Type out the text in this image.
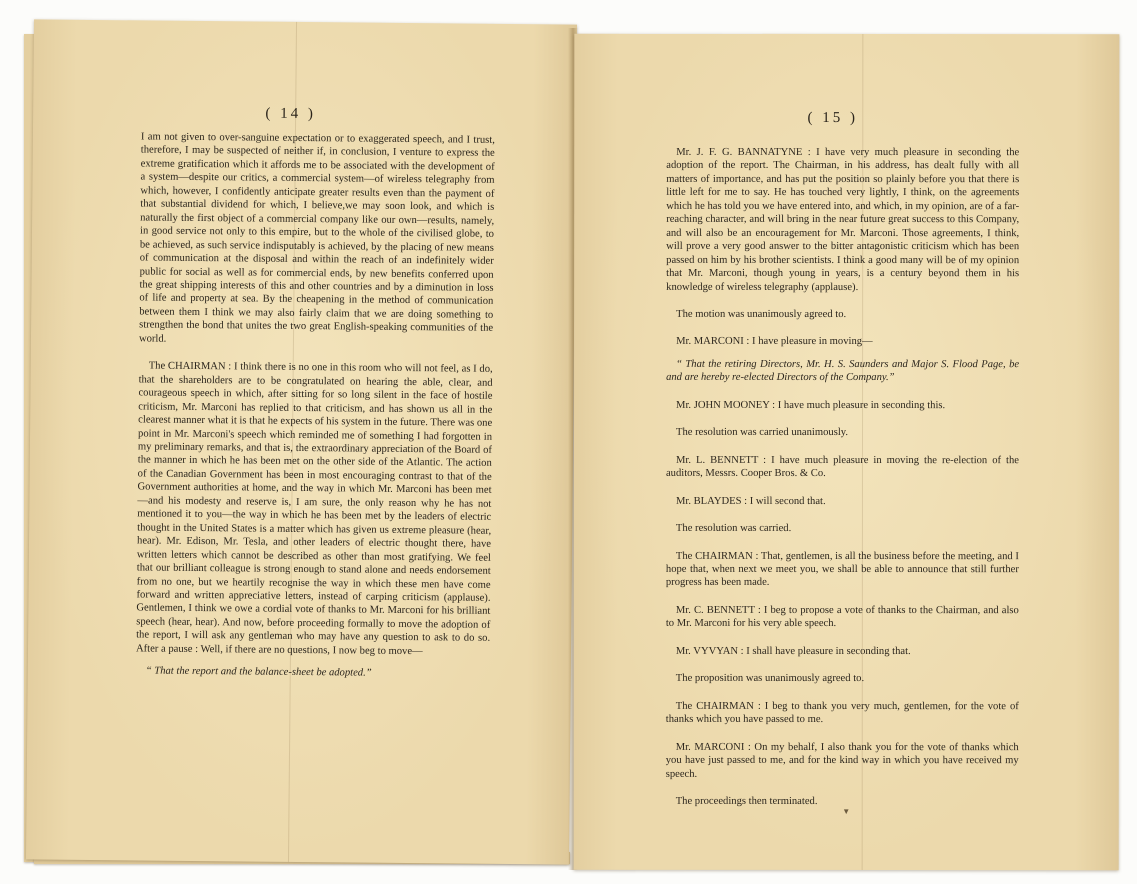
( 14 )

I am not given to over-sanguine expectation or to exaggerated speech, and I trust, therefore, I may be suspected of neither if, in conclusion, I venture to express the extreme gratification which it affords me to be associated with the development of a system—despite our critics, a commercial system—of wireless telegraphy from which, however, I confidently anticipate greater results even than the payment of that substantial dividend for which, I believe,we may soon look, and which is naturally the first object of a commercial company like our own—results, namely, in good service not only to this empire, but to the whole of the civilised globe, to be achieved, as such service indisputably is achieved, by the placing of new means of communication at the disposal and within the reach of an indefinitely wider public for social as well as for commercial ends, by new benefits conferred upon the great shipping interests of this and other countries and by a diminution in loss of life and property at sea. By the cheapening in the method of communication between them I think we may also fairly claim that we are doing something to strengthen the bond that unites the two great English-speaking communities of the world.

The CHAIRMAN : I think there is no one in this room who will not feel, as I do, that the shareholders are to be congratulated on hearing the able, clear, and courageous speech in which, after sitting for so long silent in the face of hostile criticism, Mr. Marconi has replied to that criticism, and has shown us all in the clearest manner what it is that he expects of his system in the future. There was one point in Mr. Marconi's speech which reminded me of something I had forgotten in my preliminary remarks, and that is, the extraordinary appreciation of the Board of the manner in which he has been met on the other side of the Atlantic. The action of the Canadian Government has been in most encouraging contrast to that of the Government authorities at home, and the way in which Mr. Marconi has been met—and his modesty and reserve is, I am sure, the only reason why he has not mentioned it to you—the way in which he has been met by the leaders of electric thought in the United States is a matter which has given us extreme pleasure (hear, hear). Mr. Edison, Mr. Tesla, and other leaders of electric thought there, have written letters which cannot be described as other than most gratifying. We feel that our brilliant colleague is strong enough to stand alone and needs endorsement from no one, but we heartily recognise the way in which these men have come forward and written appreciative letters, instead of carping criticism (applause). Gentlemen, I think we owe a cordial vote of thanks to Mr. Marconi for his brilliant speech (hear, hear). And now, before proceeding formally to move the adoption of the report, I will ask any gentleman who may have any question to ask to do so. After a pause : Well, if there are no questions, I now beg to move—

“ That the report and the balance-sheet be adopted.”

( 15 )

Mr. J. F. G. BANNATYNE : I have very much pleasure in seconding the adoption of the report. The Chairman, in his address, has dealt fully with all matters of importance, and has put the position so plainly before you that there is little left for me to say. He has touched very lightly, I think, on the agreements which he has told you we have entered into, and which, in my opinion, are of a far-reaching character, and will bring in the near future great success to this Company, and will also be an encouragement for Mr. Marconi. Those agreements, I think, will prove a very good answer to the bitter antagonistic criticism which has been passed on him by his brother scientists. I think a good many will be of my opinion that Mr. Marconi, though young in years, is a century beyond them in his knowledge of wireless telegraphy (applause).

The motion was unanimously agreed to.

Mr. MARCONI : I have pleasure in moving—

“ That the retiring Directors, Mr. H. S. Saunders and Major S. Flood Page, be and are hereby re-elected Directors of the Company.”

Mr. JOHN MOONEY : I have much pleasure in seconding this.

The resolution was carried unanimously.

Mr. L. BENNETT : I have much pleasure in moving the re-election of the auditors, Messrs. Cooper Bros. & Co.

Mr. BLAYDES : I will second that.

The resolution was carried.

The CHAIRMAN : That, gentlemen, is all the business before the meeting, and I hope that, when next we meet you, we shall be able to announce that still further progress has been made.

Mr. C. BENNETT : I beg to propose a vote of thanks to the Chairman, and also to Mr. Marconi for his very able speech.

Mr. VYVYAN : I shall have pleasure in seconding that.

The proposition was unanimously agreed to.

The CHAIRMAN : I beg to thank you very much, gentlemen, for the vote of thanks which you have passed to me.

Mr. MARCONI : On my behalf, I also thank you for the vote of thanks which you have just passed to me, and for the kind way in which you have received my speech.

The proceedings then terminated.

▼
